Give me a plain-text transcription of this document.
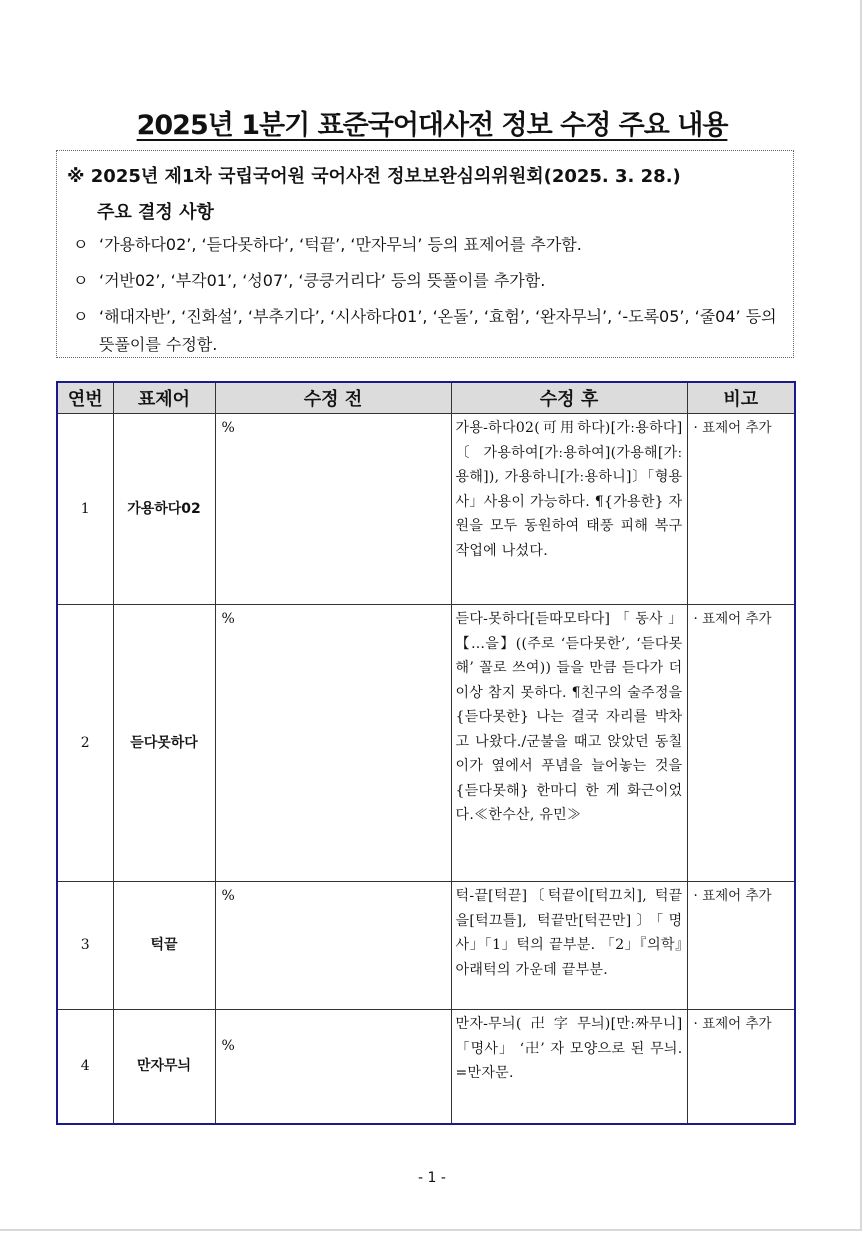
2025년 1분기 표준국어대사전 정보 수정 주요 내용
※ 2025년 제1차 국립국어원 국어사전 정보보완심의위원회(2025. 3. 28.)
주요 결정 사항
ㅇ ‘가용하다02’, ‘듣다못하다’, ‘턱끝’, ‘만자무늬’ 등의 표제어를 추가함.
ㅇ ‘거반02’, ‘부각01’, ‘성07’, ‘킁킁거리다’ 등의 뜻풀이를 추가함.
ㅇ ‘해대자반’, ‘진화설’, ‘부추기다’, ‘시사하다01’, ‘온돌’, ‘효험’, ‘완자무늬’, ‘-도록05’, ‘줄04’ 등의 뜻풀이를 수정함.
연번	표제어	수정 전	수정 후	비고
1	가용하다02	%	가용-하다02(可用하다)[가ː용하다]〔가용하여[가ː용하여](가용해[가ː용해]), 가용하니[가ː용하니]〕「형용사」사용이 가능하다. ¶{가용한} 자원을 모두 동원하여 태풍 피해 복구 작업에 나섰다.	· 표제어 추가
2	듣다못하다	%	듣다-못하다[듣따모타다]「동사」【…을】((주로 ‘듣다못한’, ‘듣다못해’ 꼴로 쓰여)) 들을 만큼 듣다가 더 이상 참지 못하다. ¶친구의 술주정을 {듣다못한} 나는 결국 자리를 박차고 나왔다./군불을 때고 앉았던 동칠이가 옆에서 푸념을 늘어놓는 것을 {듣다못해} 한마디 한 게 화근이었다.≪한수산, 유민≫	· 표제어 추가
3	턱끝	%	턱-끝[턱끋]〔턱끝이[턱끄치], 턱끝을[턱끄틀], 턱끝만[턱끈만]〕「명사」「1」턱의 끝부분. 「2」『의학』아래턱의 가운데 끝부분.	· 표제어 추가
4	만자무늬	%	만자-무늬(卍字무늬)[만ː짜무니]「명사」 ‘卍’ 자 모양으로 된 무늬. =만자문.	· 표제어 추가
- 1 -
